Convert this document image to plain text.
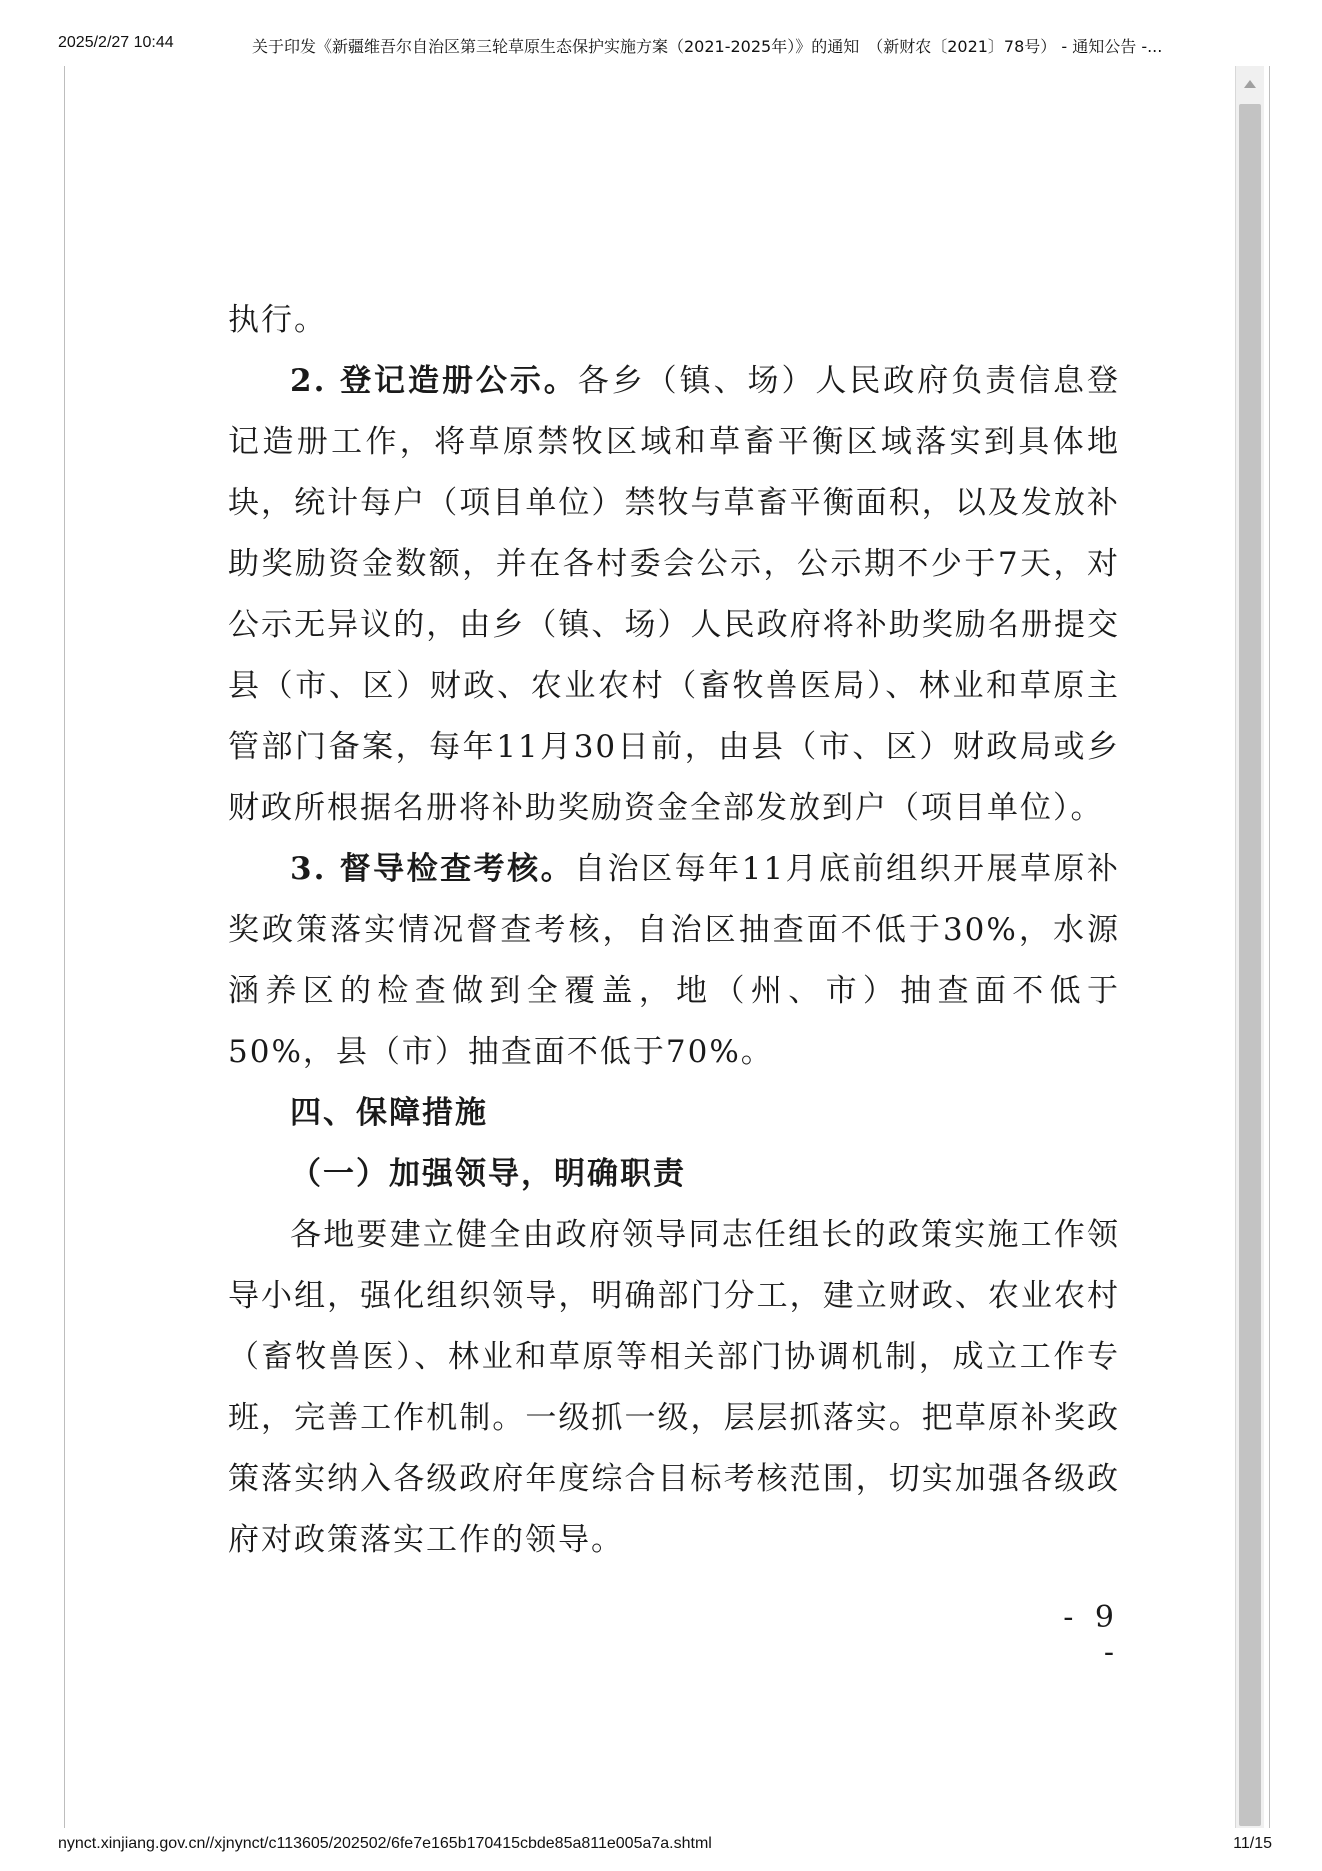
2025/2/27 10:44	关于印发《新疆维吾尔自治区第三轮草原生态保护实施方案（2021-2025年）》的通知　（新财农〔2021〕78号） - 通知公告 -...

执行。

2. 登记造册公示。各乡（镇、场）人民政府负责信息登记造册工作，将草原禁牧区域和草畜平衡区域落实到具体地块，统计每户（项目单位）禁牧与草畜平衡面积，以及发放补助奖励资金数额，并在各村委会公示，公示期不少于7天，对公示无异议的，由乡（镇、场）人民政府将补助奖励名册提交县（市、区）财政、农业农村（畜牧兽医局）、林业和草原主管部门备案，每年11月30日前，由县（市、区）财政局或乡财政所根据名册将补助奖励资金全部发放到户（项目单位）。

3. 督导检查考核。自治区每年11月底前组织开展草原补奖政策落实情况督查考核，自治区抽查面不低于30%，水源涵养区的检查做到全覆盖，地（州、市）抽查面不低于50%，县（市）抽查面不低于70%。

四、保障措施

（一）加强领导，明确职责

各地要建立健全由政府领导同志任组长的政策实施工作领导小组，强化组织领导，明确部门分工，建立财政、农业农村（畜牧兽医）、林业和草原等相关部门协调机制，成立工作专班，完善工作机制。一级抓一级，层层抓落实。把草原补奖政策落实纳入各级政府年度综合目标考核范围，切实加强各级政府对政策落实工作的领导。

- 9 -
nynct.xinjiang.gov.cn//xjnynct/c113605/202502/6fe7e165b170415cbde85a811e005a7a.shtml	11/15
